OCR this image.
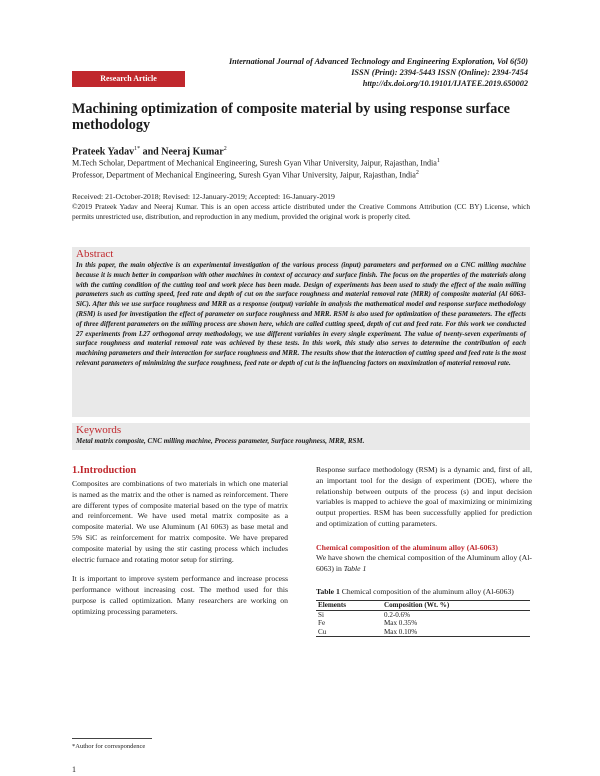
International Journal of Advanced Technology and Engineering Exploration, Vol 6(50)
ISSN (Print): 2394-5443 ISSN (Online): 2394-7454
http://dx.doi.org/10.19101/IJATEE.2019.650002
Research Article
Machining optimization of composite material by using response surface methodology
Prateek Yadav$^{1*}$ and Neeraj Kumar$^2$
M.Tech Scholar, Department of Mechanical Engineering, Suresh Gyan Vihar University, Jaipur, Rajasthan, India$^1$
Professor, Department of Mechanical Engineering, Suresh Gyan Vihar University, Jaipur, Rajasthan, India$^2$
Received: 21-October-2018; Revised: 12-January-2019; Accepted: 16-January-2019
©2019 Prateek Yadav and Neeraj Kumar. This is an open access article distributed under the Creative Commons Attribution (CC BY) License, which permits unrestricted use, distribution, and reproduction in any medium, provided the original work is properly cited.
Abstract
In this paper, the main objective is an experimental investigation of the various process (input) parameters and performed on a CNC milling machine because it is much better in comparison with other machines in context of accuracy and surface finish. The focus on the properties of the materials along with the cutting condition of the cutting tool and work piece has been made. Design of experiments has been used to study the effect of the main milling parameters such as cutting speed, feed rate and depth of cut on the surface roughness and material removal rate (MRR) of composite material (Al 6063-SiC). After this we use surface roughness and MRR as a response (output) variable in analysis the mathematical model and response surface methodology (RSM) is used for investigation the effect of parameter on surface roughness and MRR. RSM is also used for optimization of these parameters. The effects of three different parameters on the milling process are shown here, which are called cutting speed, depth of cut and feed rate. For this work we conducted 27 experiments from L27 orthogonal array methodology, we use different variables in every single experiment. The value of twenty-seven experiments of surface roughness and material removal rate was achieved by these tests. In this work, this study also serves to determine the contribution of each machining parameters and their interaction for surface roughness and MRR. The results show that the interaction of cutting speed and feed rate is the most relevant parameters of minimizing the surface roughness, feed rate or depth of cut is the influencing factors on maximization of material removal rate.
Keywords
Metal matrix composite, CNC milling machine, Process parameter, Surface roughness, MRR, RSM.
1.Introduction

Composites are combinations of two materials in which one material is named as the matrix and the other is named as reinforcement. There are different types of composite material based on the type of matrix and reinforcement. We have used metal matrix composite as a composite material. We use Aluminum (Al 6063) as base metal and 5% SiC as reinforcement for matrix composite. We have prepared composite material by using the stir casting process which includes electric furnace and rotating motor setup for stirring.

It is important to improve system performance and increase process performance without increasing cost. The method used for this purpose is called optimization. Many researchers are working on optimizing processing parameters.

Response surface methodology (RSM) is a dynamic and, first of all, an important tool for the design of experiment (DOE), where the relationship between outputs of the process (s) and input decision variables is mapped to achieve the goal of maximizing or minimizing output properties. RSM has been successfully applied for prediction and optimization of cutting parameters.

Chemical composition of the aluminum alloy (Al-6063)

We have shown the chemical composition of the Aluminum alloy (Al-6063) in Table 1

Table 1 Chemical composition of the aluminum alloy (Al-6063)
Elements	Composition (Wt. %)
Si	0.2-0.6%
Fe	Max 0.35%
Cu	Max 0.10%
*Author for correspondence
1
